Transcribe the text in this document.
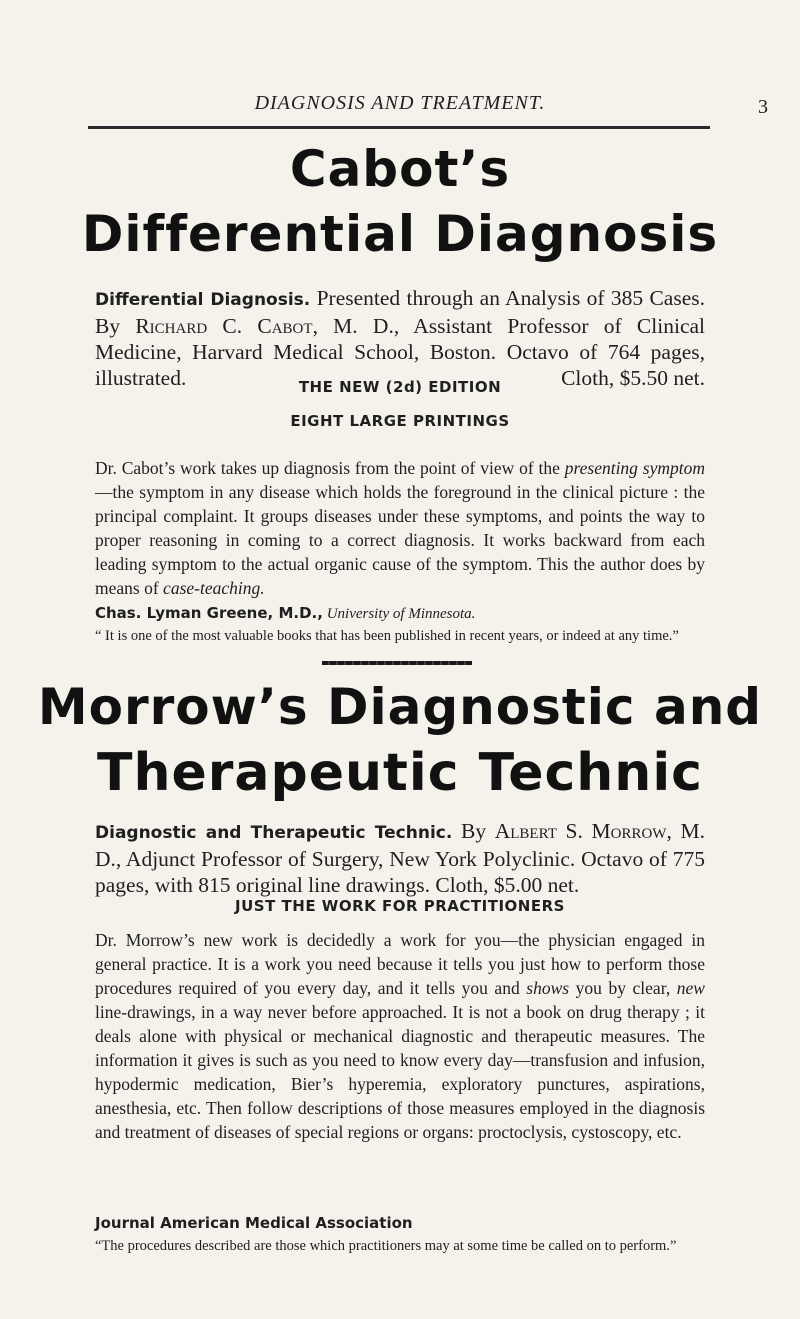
DIAGNOSIS AND TREATMENT.	3
Cabot’s
Differential Diagnosis
Differential Diagnosis. Presented through an Analysis of 385 Cases. By Richard C. Cabot, M. D., Assistant Professor of Clinical Medicine, Harvard Medical School, Boston. Octavo of 764 pages, illustrated.	Cloth, $5.50 net.
THE NEW (2d) EDITION
EIGHT LARGE PRINTINGS
Dr. Cabot’s work takes up diagnosis from the point of view of the presenting symptom—the symptom in any disease which holds the foreground in the clinical picture : the principal complaint. It groups diseases under these symptoms, and points the way to proper reasoning in coming to a correct diagnosis. It works backward from each leading symptom to the actual organic cause of the symptom. This the author does by means of case-teaching.
Chas. Lyman Greene, M.D., University of Minnesota.
“ It is one of the most valuable books that has been published in recent years, or indeed at any time.”
Morrow’s Diagnostic and
Therapeutic Technic
Diagnostic and Therapeutic Technic. By Albert S. Morrow, M. D., Adjunct Professor of Surgery, New York Polyclinic. Octavo of 775 pages, with 815 original line drawings. Cloth, $5.00 net.
JUST THE WORK FOR PRACTITIONERS
Dr. Morrow’s new work is decidedly a work for you—the physician engaged in general practice. It is a work you need because it tells you just how to perform those procedures required of you every day, and it tells you and shows you by clear, new line-drawings, in a way never before approached. It is not a book on drug therapy ; it deals alone with physical or mechanical diagnostic and therapeutic measures. The information it gives is such as you need to know every day—transfusion and infusion, hypodermic medication, Bier’s hyperemia, exploratory punctures, aspirations, anesthesia, etc. Then follow descriptions of those measures employed in the diagnosis and treatment of diseases of special regions or organs: proctoclysis, cystoscopy, etc.
Journal American Medical Association
“The procedures described are those which practitioners may at some time be called on to perform.”
